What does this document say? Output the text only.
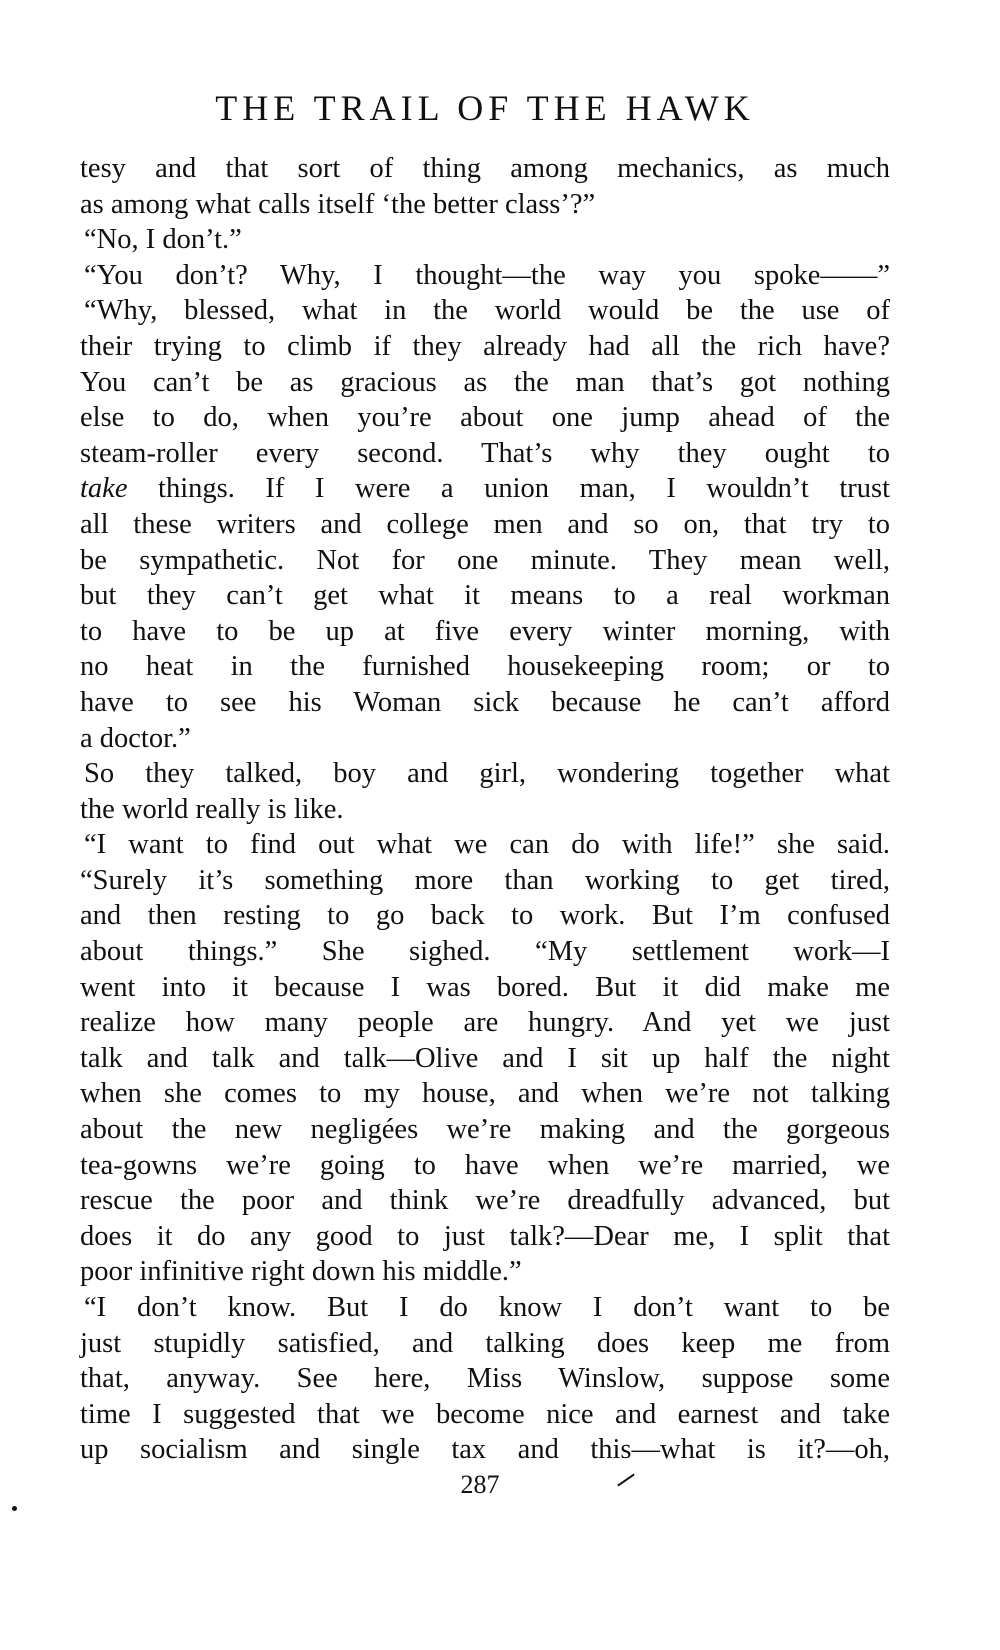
THE TRAIL OF THE HAWK
tesy and that sort of thing among mechanics, as much
as among what calls itself ‘the better class’?”
“No, I don’t.”
“You don’t? Why, I thought—the way you spoke——”
“Why, blessed, what in the world would be the use of
their trying to climb if they already had all the rich have?
You can’t be as gracious as the man that’s got nothing
else to do, when you’re about one jump ahead of the
steam-roller every second. That’s why they ought to
take things. If I were a union man, I wouldn’t trust
all these writers and college men and so on, that try to
be sympathetic. Not for one minute. They mean well,
but they can’t get what it means to a real workman
to have to be up at five every winter morning, with
no heat in the furnished housekeeping room; or to
have to see his Woman sick because he can’t afford
a doctor.”
So they talked, boy and girl, wondering together what
the world really is like.
“I want to find out what we can do with life!” she said.
“Surely it’s something more than working to get tired,
and then resting to go back to work. But I’m confused
about things.” She sighed. “My settlement work—I
went into it because I was bored. But it did make me
realize how many people are hungry. And yet we just
talk and talk and talk—Olive and I sit up half the night
when she comes to my house, and when we’re not talking
about the new negligées we’re making and the gorgeous
tea-gowns we’re going to have when we’re married, we
rescue the poor and think we’re dreadfully advanced, but
does it do any good to just talk?—Dear me, I split that
poor infinitive right down his middle.”
“I don’t know. But I do know I don’t want to be
just stupidly satisfied, and talking does keep me from
that, anyway. See here, Miss Winslow, suppose some
time I suggested that we become nice and earnest and take
up socialism and single tax and this—what is it?—oh,
287
